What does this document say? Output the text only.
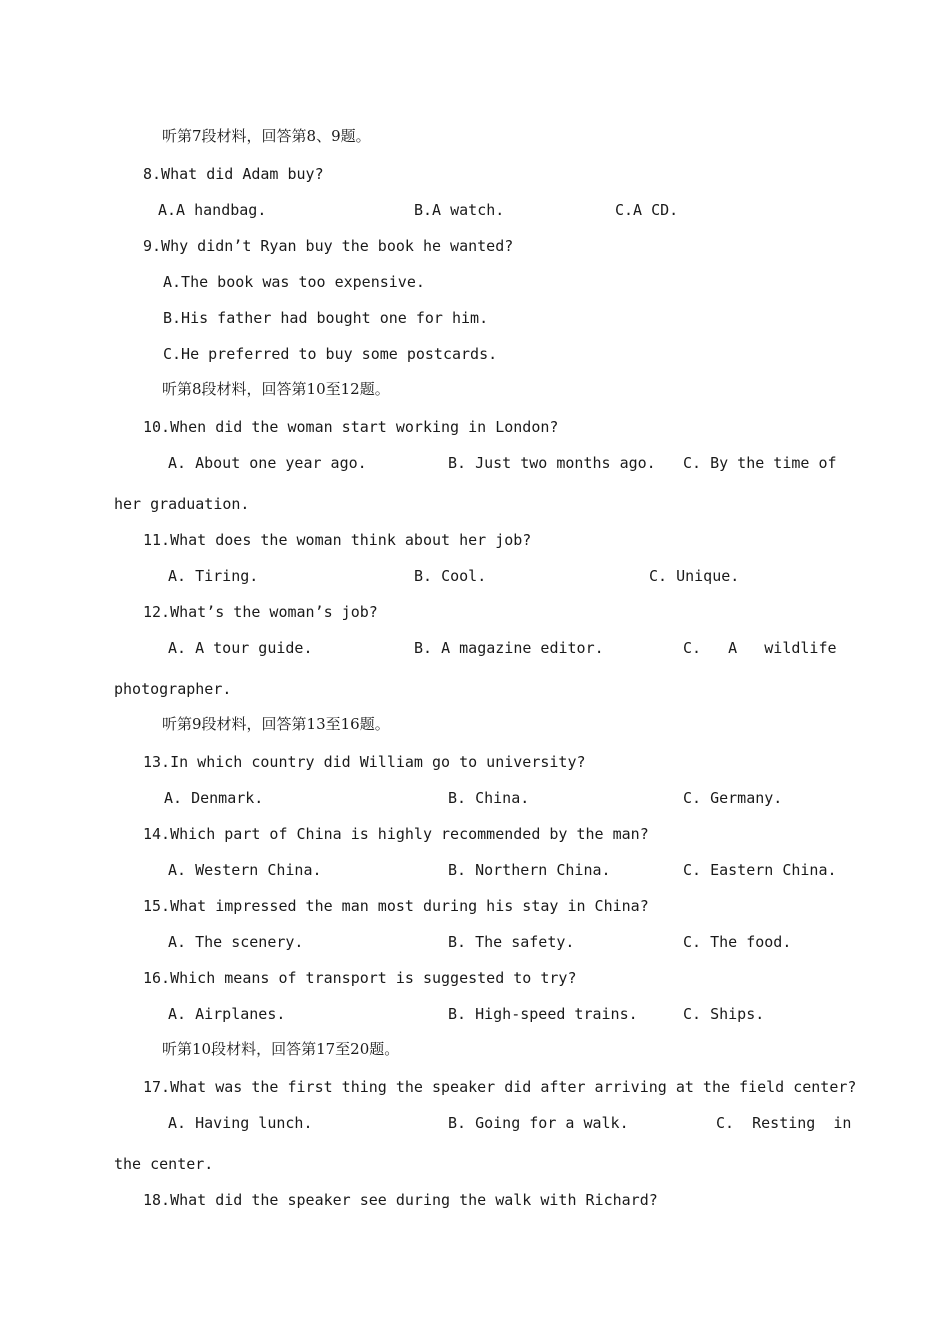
听第7段材料，回答第8、9题。
8.What did Adam buy?
A.A handbag.	B.A watch.	C.A CD.
9.Why didn’t Ryan buy the book he wanted?
A.The book was too expensive.
B.His father had bought one for him.
C.He preferred to buy some postcards.
听第8段材料，回答第10至12题。
10.When did the woman start working in London?
A. About one year ago.	B. Just two months ago. C. By the time of
her graduation.
11.What does the woman think about her job?
A. Tiring.	B. Cool.	C. Unique.
12.What’s the woman’s job?
A. A tour guide.	B. A magazine editor.	C.   A   wildlife
photographer.
听第9段材料，回答第13至16题。
13.In which country did William go to university?
A. Denmark.	B. China.	C. Germany.
14.Which part of China is highly recommended by the man?
A. Western China.	B. Northern China.	C. Eastern China.
15.What impressed the man most during his stay in China?
A. The scenery.	B. The safety.	C. The food.
16.Which means of transport is suggested to try?
A. Airplanes.	B. High-speed trains.	C. Ships.
听第10段材料，回答第17至20题。
17.What was the first thing the speaker did after arriving at the field center?
A. Having lunch.	B. Going for a walk.	C.  Resting  in
the center.
18.What did the speaker see during the walk with Richard?
